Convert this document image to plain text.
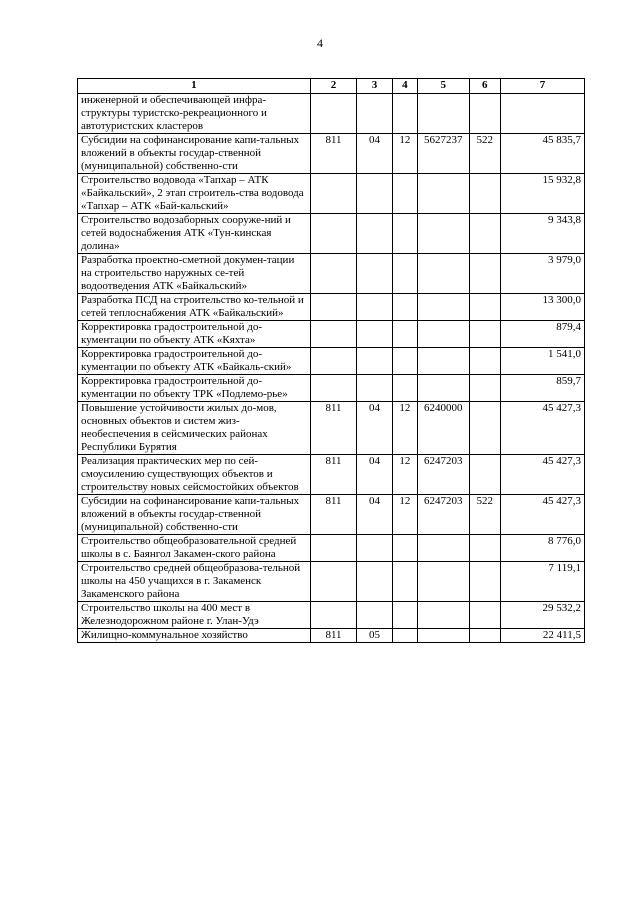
4
1	2	3	4	5	6	7
инженерной и обеспечивающей инфра-структуры туристско-рекреационного и автотуристских кластеров						
Субсидии на софинансирование капи-тальных вложений в объекты государ-ственной (муниципальной) собственно-сти	811	04	12	5627237	522	45 835,7
Строительство водовода «Тапхар – АТК «Байкальский», 2 этап строитель-ства водовода «Тапхар – АТК «Бай-кальский»						15 932,8
Строительство водозаборных сооруже-ний и сетей водоснабжения АТК «Тун-кинская долина»						9 343,8
Разработка проектно-сметной докумен-тации на строительство наружных се-тей водоотведения АТК «Байкальский»						3 979,0
Разработка ПСД на строительство ко-тельной и сетей теплоснабжения АТК «Байкальский»						13 300,0
Корректировка градостроительной до-кументации по объекту АТК «Кяхта»						879,4
Корректировка градостроительной до-кументации по объекту АТК «Байкаль-ский»						1 541,0
Корректировка градостроительной до-кументации по объекту ТРК «Подлемо-рье»						859,7
Повышение устойчивости жилых до-мов, основных объектов и систем жиз-необеспечения в сейсмических районах Республики Бурятия	811	04	12	6240000		45 427,3
Реализация практических мер по сей-смоусилению существующих объектов и строительству новых сейсмостойких объектов	811	04	12	6247203		45 427,3
Субсидии на софинансирование капи-тальных вложений в объекты государ-ственной (муниципальной) собственно-сти	811	04	12	6247203	522	45 427,3
Строительство общеобразовательной средней школы в с. Баянгол Закамен-ского района						8 776,0
Строительство средней общеобразова-тельной школы на 450 учащихся в г. Закаменск Закаменского района						7 119,1
Строительство школы на 400 мест в Железнодорожном районе г. Улан-Удэ						29 532,2
Жилищно-коммунальное хозяйство	811	05				22 411,5
